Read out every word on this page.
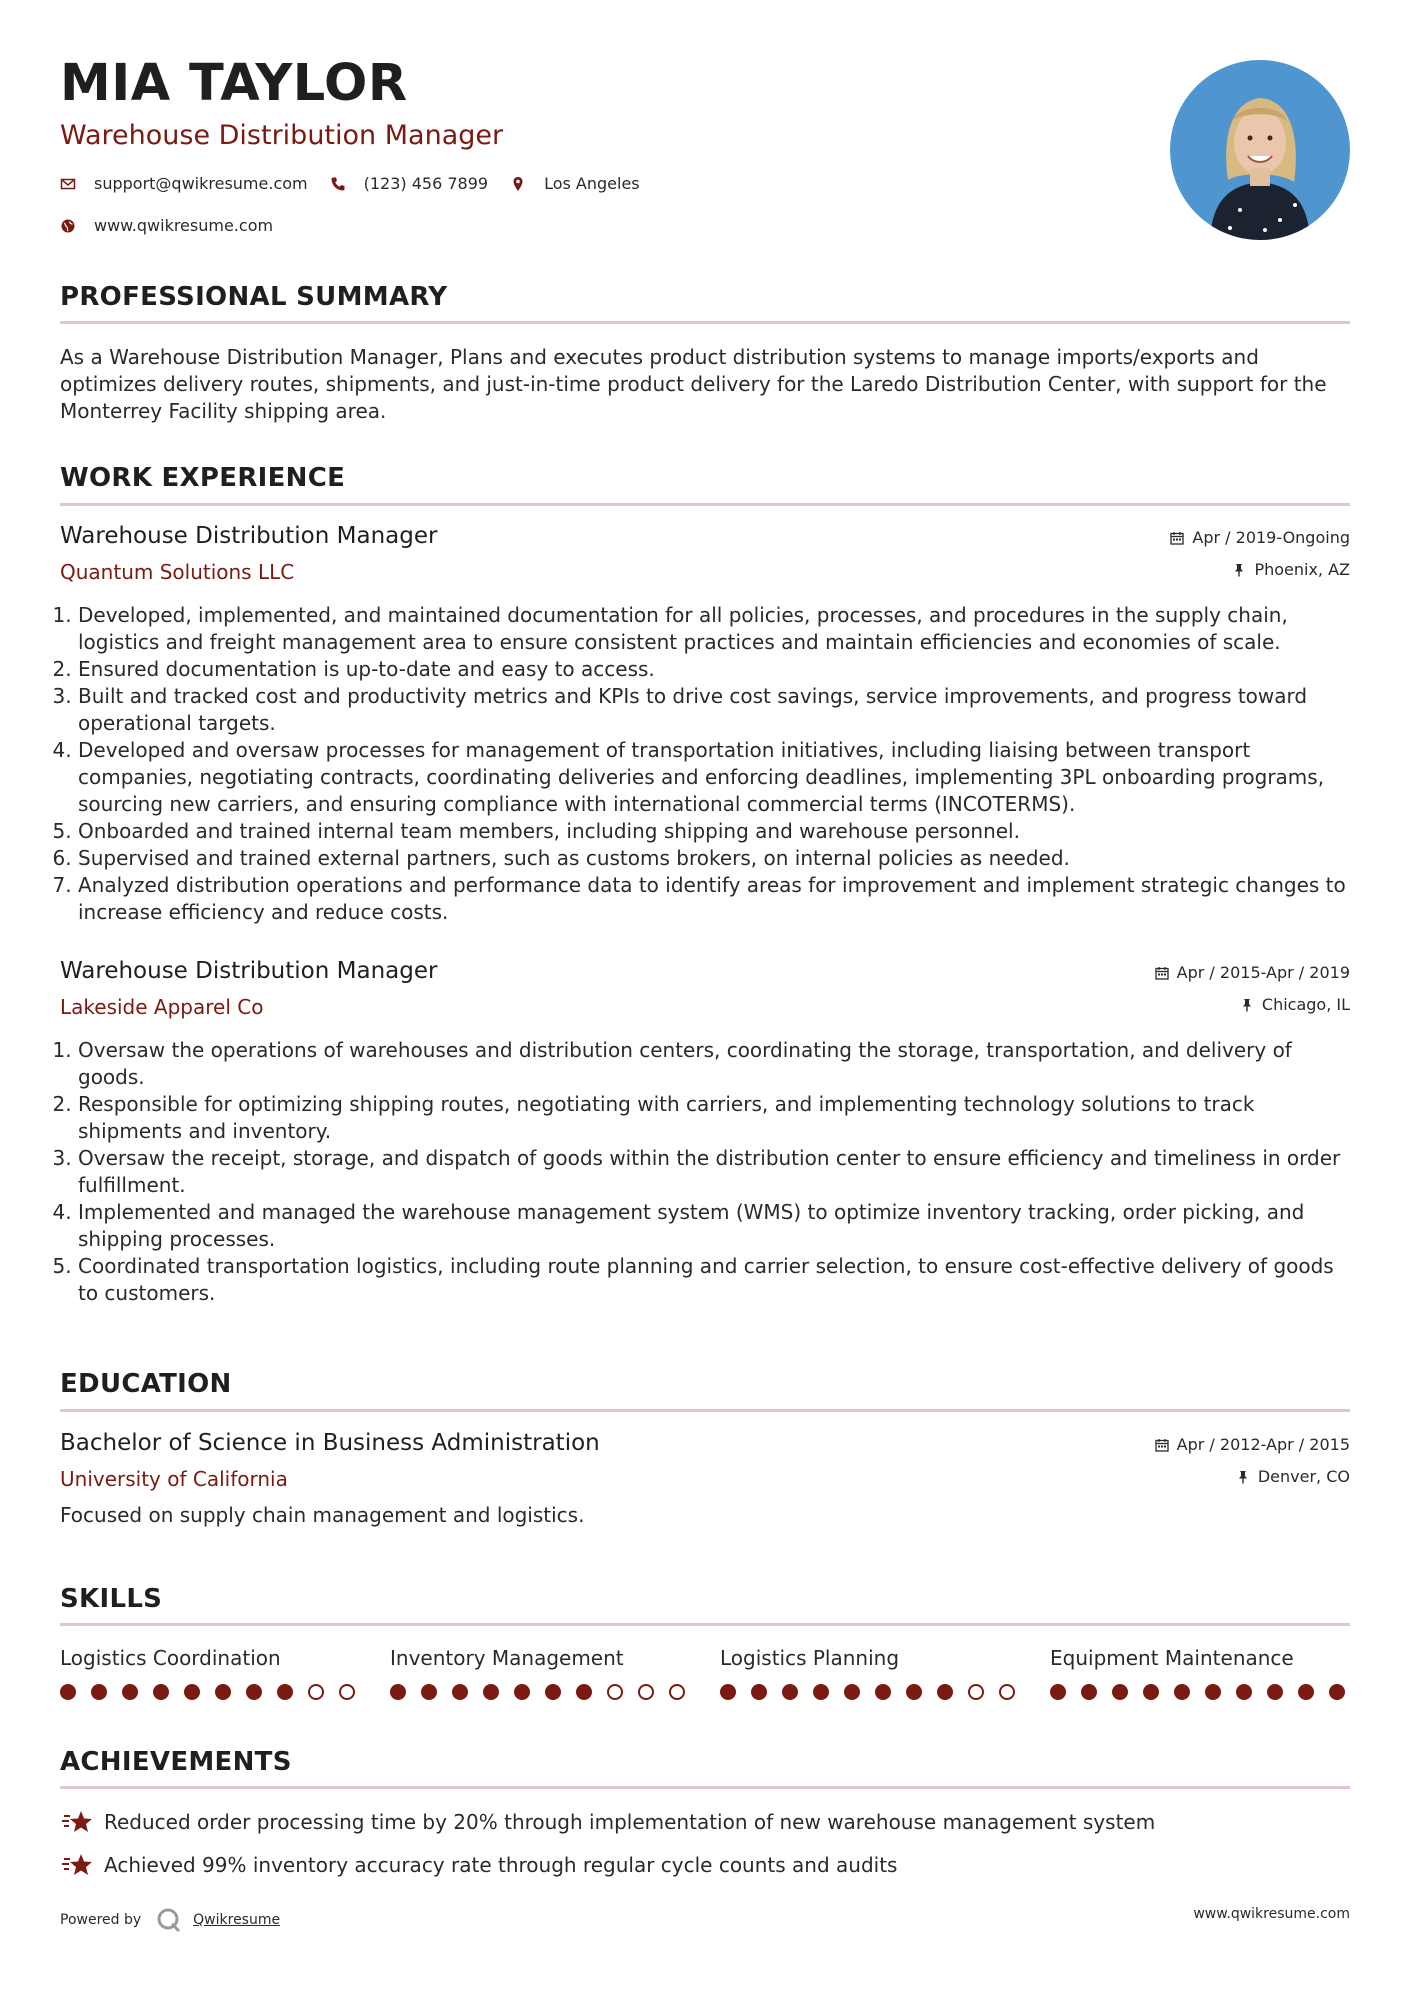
MIA TAYLOR
Warehouse Distribution Manager
support@qwikresume.com	(123) 456 7899	Los Angeles
www.qwikresume.com
PROFESSIONAL SUMMARY
As a Warehouse Distribution Manager, Plans and executes product distribution systems to manage imports/exports and optimizes delivery routes, shipments, and just-in-time product delivery for the Laredo Distribution Center, with support for the Monterrey Facility shipping area.
WORK EXPERIENCE
Warehouse Distribution Manager
Quantum Solutions LLC
Apr / 2019-Ongoing
Phoenix, AZ
1. Developed, implemented, and maintained documentation for all policies, processes, and procedures in the supply chain, logistics and freight management area to ensure consistent practices and maintain efficiencies and economies of scale.
2. Ensured documentation is up-to-date and easy to access.
3. Built and tracked cost and productivity metrics and KPIs to drive cost savings, service improvements, and progress toward operational targets.
4. Developed and oversaw processes for management of transportation initiatives, including liaising between transport companies, negotiating contracts, coordinating deliveries and enforcing deadlines, implementing 3PL onboarding programs, sourcing new carriers, and ensuring compliance with international commercial terms (INCOTERMS).
5. Onboarded and trained internal team members, including shipping and warehouse personnel.
6. Supervised and trained external partners, such as customs brokers, on internal policies as needed.
7. Analyzed distribution operations and performance data to identify areas for improvement and implement strategic changes to increase efficiency and reduce costs.
Warehouse Distribution Manager
Lakeside Apparel Co
Apr / 2015-Apr / 2019
Chicago, IL
1. Oversaw the operations of warehouses and distribution centers, coordinating the storage, transportation, and delivery of goods.
2. Responsible for optimizing shipping routes, negotiating with carriers, and implementing technology solutions to track shipments and inventory.
3. Oversaw the receipt, storage, and dispatch of goods within the distribution center to ensure efficiency and timeliness in order fulfillment.
4. Implemented and managed the warehouse management system (WMS) to optimize inventory tracking, order picking, and shipping processes.
5. Coordinated transportation logistics, including route planning and carrier selection, to ensure cost-effective delivery of goods to customers.
EDUCATION
Bachelor of Science in Business Administration
University of California
Apr / 2012-Apr / 2015
Denver, CO
Focused on supply chain management and logistics.
SKILLS
Logistics Coordination	Inventory Management	Logistics Planning	Equipment Maintenance
ACHIEVEMENTS
Reduced order processing time by 20% through implementation of new warehouse management system
Achieved 99% inventory accuracy rate through regular cycle counts and audits
Powered by	Qwikresume	www.qwikresume.com
